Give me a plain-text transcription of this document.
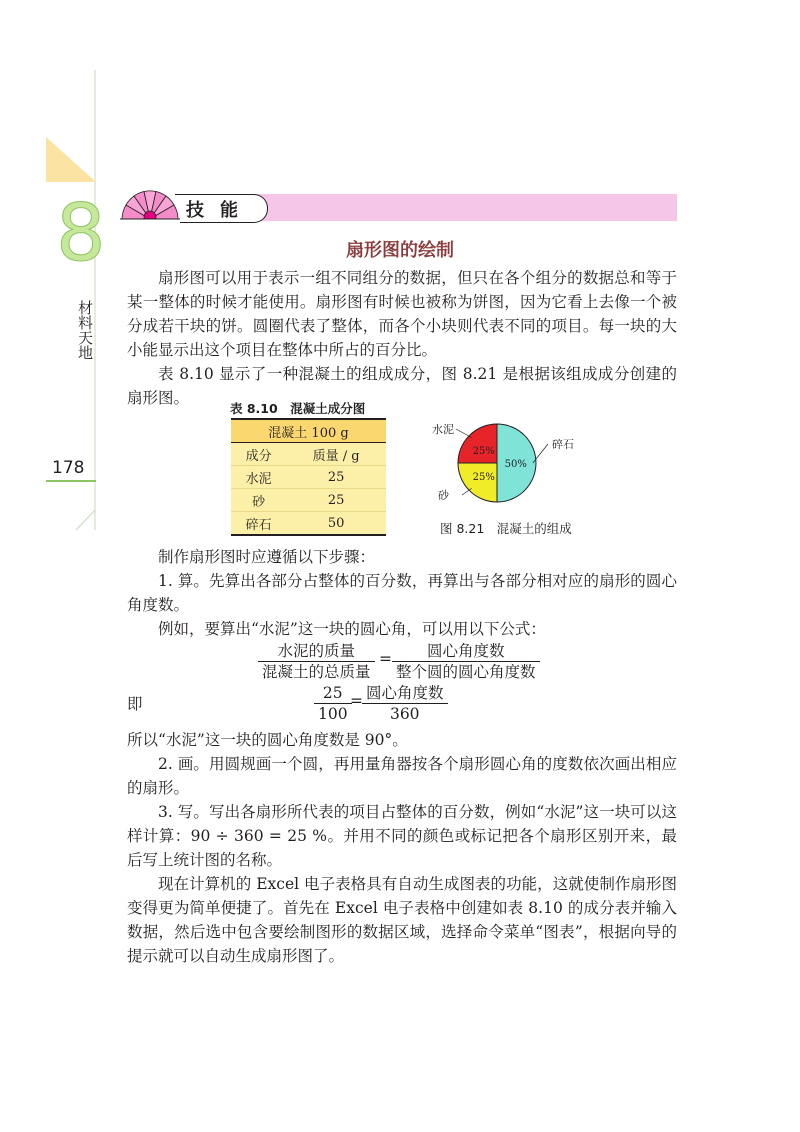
8
材料天地
178
技能
扇形图的绘制

扇形图可以用于表示一组不同组分的数据，但只在各个组分的数据总和等于某一整体的时候才能使用。扇形图有时候也被称为饼图，因为它看上去像一个被分成若干块的饼。圆圈代表了整体，而各个小块则代表不同的项目。每一块的大小能显示出这个项目在整体中所占的百分比。

表 8.10 显示了一种混凝土的组成成分，图 8.21 是根据该组成成分创建的扇形图。

表 8.10　混凝土成分图
混凝土 100 g	
成分	质量 / g
水泥	25
砂	25
碎石	50
25%
25%
50%
水泥
砂
碎石
图 8.21　混凝土的组成

制作扇形图时应遵循以下步骤：

1. 算。先算出各部分占整体的百分数，再算出与各部分相对应的扇形的圆心角度数。

例如，要算出“水泥”这一块的圆心角，可以用以下公式：

水泥的质量
混凝土的总质量
=	圆心角度数
整个圆的圆心角度数
即	$\frac{25}{100}$
= 圆心角度数
360

所以“水泥”这一块的圆心角度数是 90°。

2. 画。用圆规画一个圆，再用量角器按各个扇形圆心角的度数依次画出相应的扇形。

3. 写。写出各扇形所代表的项目占整体的百分数，例如“水泥”这一块可以这样计算：90 ÷ 360 = 25 %。并用不同的颜色或标记把各个扇形区别开来，最后写上统计图的名称。

现在计算机的 Excel 电子表格具有自动生成图表的功能，这就使制作扇形图变得更为简单便捷了。首先在 Excel 电子表格中创建如表 8.10 的成分表并输入数据，然后选中包含要绘制图形的数据区域，选择命令菜单“图表”，根据向导的提示就可以自动生成扇形图了。
